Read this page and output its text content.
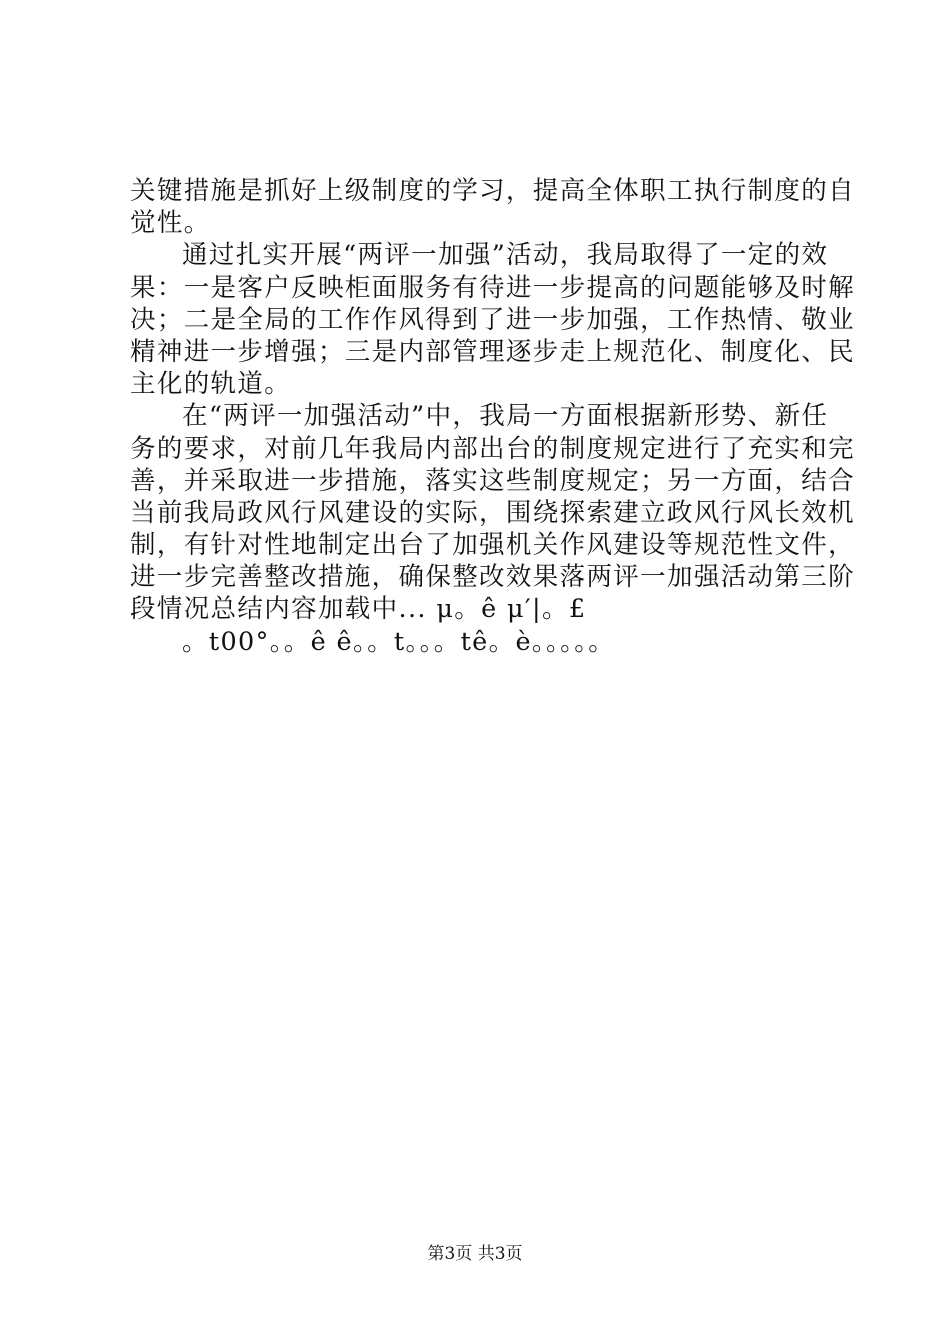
关键措施是抓好上级制度的学习，提高全体职工执行制度的自
觉性。
通过扎实开展“两评一加强”活动，我局取得了一定的效
果：一是客户反映柜面服务有待进一步提高的问题能够及时解
决；二是全局的工作作风得到了进一步加强，工作热情、敬业
精神进一步增强；三是内部管理逐步走上规范化、制度化、民
主化的轨道。
在“两评一加强活动”中，我局一方面根据新形势、新任
务的要求，对前几年我局内部出台的制度规定进行了充实和完
善，并采取进一步措施，落实这些制度规定；另一方面，结合
当前我局政风行风建设的实际，围绕探索建立政风行风长效机
制，有针对性地制定出台了加强机关作风建设等规范性文件，
进一步完善整改措施，确保整改效果落两评一加强活动第三阶
段情况总结内容加载中... μ。ê μ′|。£
。t00°。。ê ê。。t。。。tê。è。。。。。
第3页 共3页
